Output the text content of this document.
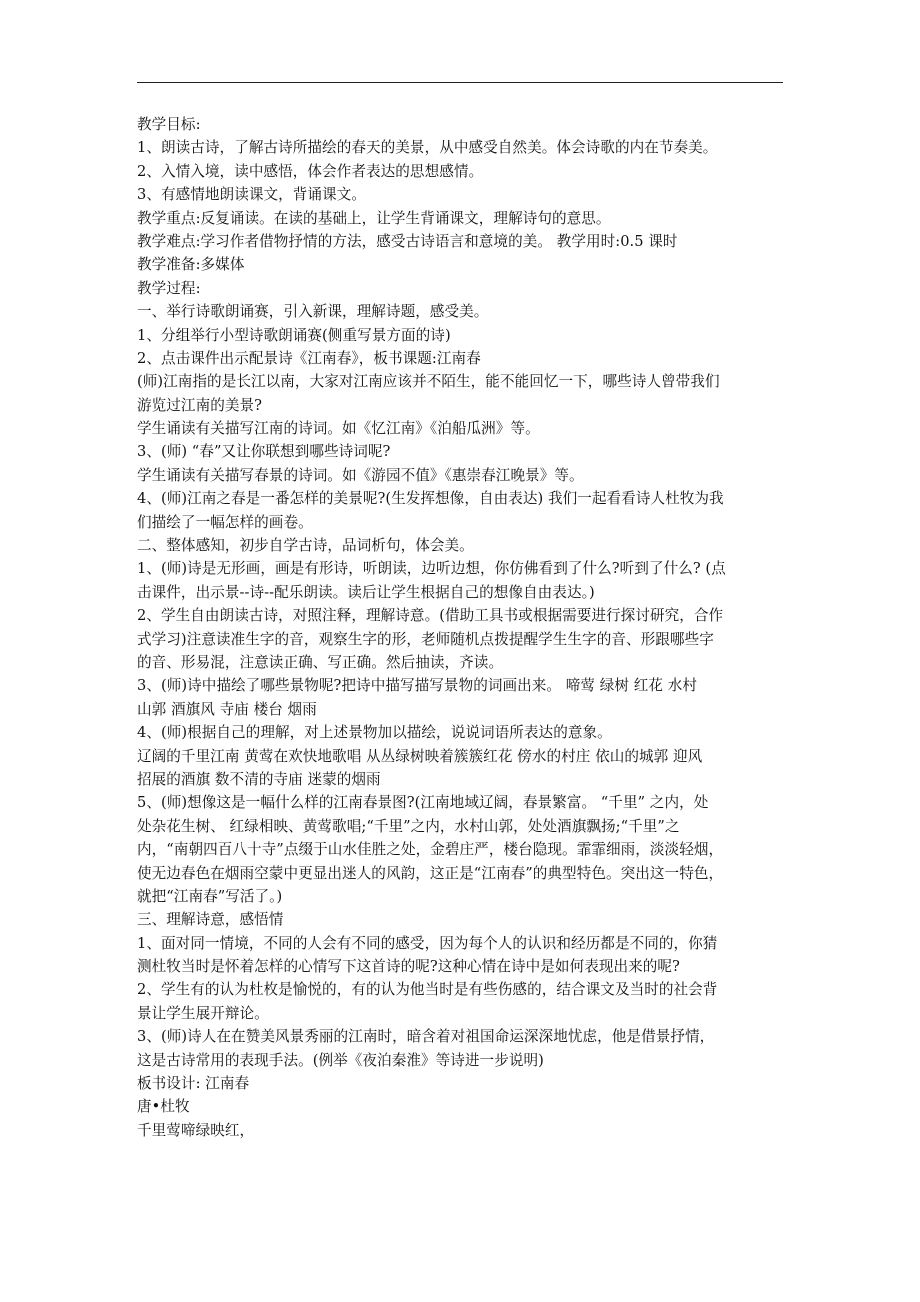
教学目标:
1、朗读古诗，了解古诗所描绘的春天的美景，从中感受自然美。体会诗歌的内在节奏美。
2、入情入境，读中感悟，体会作者表达的思想感情。
3、有感情地朗读课文，背诵课文。
教学重点:反复诵读。在读的基础上，让学生背诵课文，理解诗句的意思。
教学难点:学习作者借物抒情的方法，感受古诗语言和意境的美。 教学用时:0.5 课时
教学准备:多媒体
教学过程:
一、举行诗歌朗诵赛，引入新课，理解诗题，感受美。
1、分组举行小型诗歌朗诵赛(侧重写景方面的诗)
2、点击课件出示配景诗《江南春》，板书课题:江南春
(师)江南指的是长江以南，大家对江南应该并不陌生，能不能回忆一下，哪些诗人曾带我们
游览过江南的美景?
学生诵读有关描写江南的诗词。如《忆江南》《泊船瓜洲》等。
3、(师) “春”又让你联想到哪些诗词呢?
学生诵读有关描写春景的诗词。如《游园不值》《惠崇春江晚景》等。
4、(师)江南之春是一番怎样的美景呢?(生发挥想像，自由表达) 我们一起看看诗人杜牧为我
们描绘了一幅怎样的画卷。
二、整体感知，初步自学古诗，品词析句，体会美。
1、(师)诗是无形画，画是有形诗，听朗读，边听边想，你仿佛看到了什么?听到了什么? (点
击课件，出示景--诗--配乐朗读。读后让学生根据自己的想像自由表达。)
2、学生自由朗读古诗，对照注释，理解诗意。(借助工具书或根据需要进行探讨研究，合作
式学习)注意读准生字的音，观察生字的形，老师随机点拨提醒学生生字的音、形跟哪些字
的音、形易混，注意读正确、写正确。然后抽读，齐读。
3、(师)诗中描绘了哪些景物呢?把诗中描写描写景物的词画出来。 啼莺 绿树 红花 水村
山郭 酒旗风 寺庙 楼台 烟雨
4、(师)根据自己的理解，对上述景物加以描绘，说说词语所表达的意象。
辽阔的千里江南 黄莺在欢快地歌唱 从丛绿树映着簇簇红花 傍水的村庄 依山的城郭 迎风
招展的酒旗 数不清的寺庙 迷蒙的烟雨
5、(师)想像这是一幅什么样的江南春景图?(江南地域辽阔，春景繁富。 “千里” 之内，处
处杂花生树、 红绿相映、黄莺歌唱;“千里”之内，水村山郭，处处酒旗飘扬;“千里”之
内，“南朝四百八十寺”点缀于山水佳胜之处，金碧庄严，楼台隐现。霏霏细雨，淡淡轻烟，
使无边春色在烟雨空蒙中更显出迷人的风韵，这正是“江南春”的典型特色。突出这一特色，
就把“江南春”写活了。)
三、理解诗意，感悟情
1、面对同一情境，不同的人会有不同的感受，因为每个人的认识和经历都是不同的，你猜
测杜牧当时是怀着怎样的心情写下这首诗的呢?这种心情在诗中是如何表现出来的呢?
2、学生有的认为杜枚是愉悦的，有的认为他当时是有些伤感的，结合课文及当时的社会背
景让学生展开辩论。
3、(师)诗人在在赞美风景秀丽的江南时，暗含着对祖国命运深深地忧虑，他是借景抒情，
这是古诗常用的表现手法。(例举《夜泊秦淮》等诗进一步说明)
板书设计: 江南春
唐•杜牧
千里莺啼绿映红，
